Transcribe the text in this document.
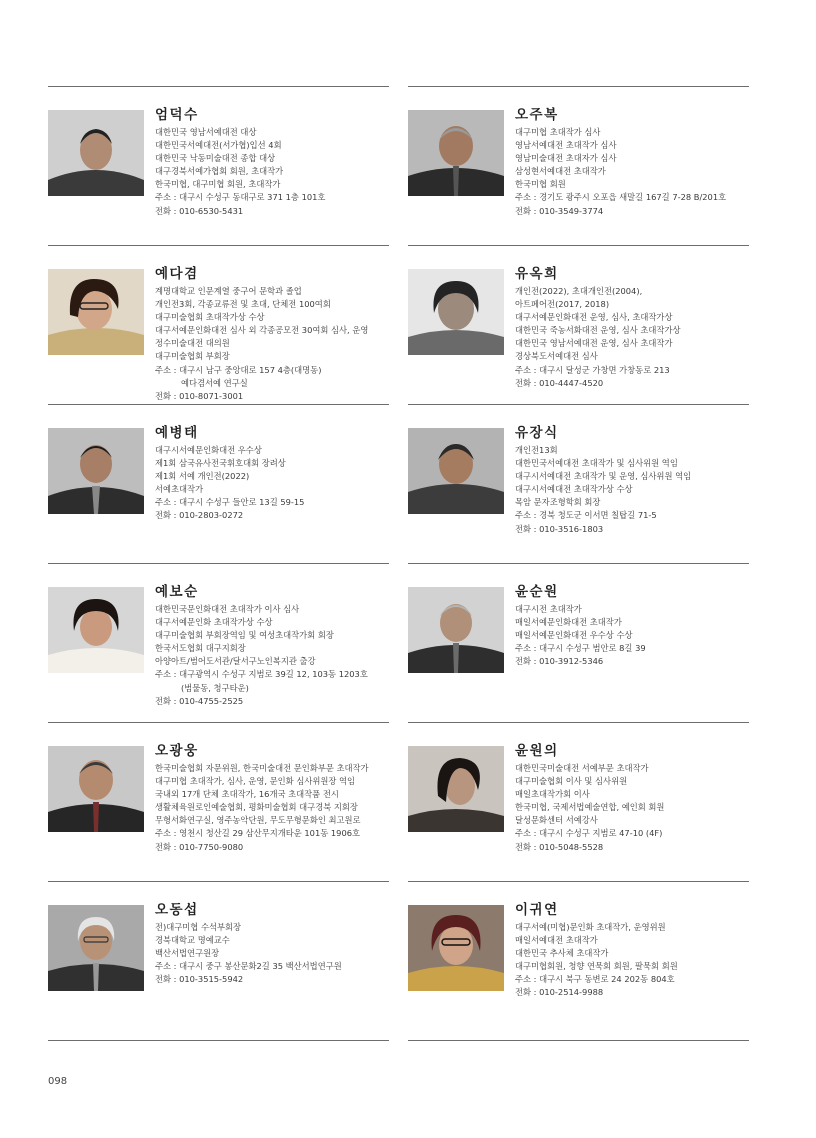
엄덕수
대한민국 영남서예대전 대상
대한민국서예대전(서가협)입선 4회
대한민국 낙동미술대전 종합 대상
대구경북서예가협회 회원, 초대작가
한국미협, 대구미협 회원, 초대작가
주소 : 대구시 수성구 동대구로 371 1층 101호
전화 : 010-6530-5431
예다겸
계명대학교 인문계열 중구어 문학과 졸업
개인전3회, 각종교류전 및 초대, 단체전 100여회
대구미술협회 초대작가상 수상
대구서예문인화대전 심사 외 각종공모전 30여회 심사, 운영
정수미술대전 대의원
대구미술협회 부회장
주소 : 대구시 남구 중앙대로 157 4층(대명동)
예다겸서예 연구실
전화 : 010-8071-3001
예병태
대구시서예문인화대전 우수상
제1회 삼국유사전국휘호대회 장려상
제1회 서예 개인전(2022)
서예초대작가
주소 : 대구시 수성구 들안로 13길 59-15
전화 : 010-2803-0272
예보순
대한민국문인화대전 초대작가 이사 심사
대구서예문인화 초대작가상 수상
대구미술협회 부회장역임 및 여성초대작가회 회장
한국서도협회 대구지회장
아양아트/범어도서관/달서구노인복지관 출강
주소 : 대구광역시 수성구 지범로 39길 12, 103동 1203호
(범물동, 청구타운)
전화 : 010-4755-2525
오광웅
한국미술협회 자문위원, 한국미술대전 문인화부문 초대작가
대구미협 초대작가, 심사, 운영, 문인화 심사위원장 역임
국내외 17개 단체 초대작가, 16개국 초대작품 전시
생활체육원로인예술협회, 평화미술협회 대구경북 지회장
무형서화연구실, 영주농악단원, 무도무형문화인 최고원로
주소 : 영천시 청산길 29 삼산무지개타운 101동 1906호
전화 : 010-7750-9080
오동섭
전)대구미협 수석부회장
경북대학교 명예교수
백산서법연구원장
주소 : 대구시 중구 봉산문화2길 35 백산서법연구원
전화 : 010-3515-5942
오주복
대구미협 초대작가 심사
영남서예대전 초대작가 심사
영남미술대전 초대자가 심사
삼성현서예대전 초대작가
한국미협 회원
주소 : 경기도 광주시 오포읍 새말길 167길 7-28 B/201호
전화 : 010-3549-3774
유옥희
개인전(2022), 초대개인전(2004),
아트페어전(2017, 2018)
대구서예문인화대전 운영, 심사, 초대작가상
대한민국 죽농서화대전 운영, 심사 초대작가상
대한민국 영남서예대전 운영, 심사 초대작가
경상북도서예대전 심사
주소 : 대구시 달성군 가창면 가창동로 213
전화 : 010-4447-4520
유장식
개인전13회
대한민국서예대전 초대작가 및 심사위원 역임
대구시서예대전 초대작가 및 운영, 심사위원 역임
대구시서예대전 초대작가상 수상
목암 문자조형학회 회장
주소 : 경북 청도군 이서면 칠탑길 71-5
전화 : 010-3516-1803
윤순원
대구시전 초대작가
매일서예문인화대전 초대작가
매일서예문인화대전 우수상 수상
주소 : 대구시 수성구 범안로 8길 39
전화 : 010-3912-5346
윤원의
대한민국미술대전 서예부문 초대작가
대구미술협회 이사 및 심사위원
매일초대작가회 이사
한국미협, 국제서법예술연합, 예인회 회원
달성문화센터 서예강사
주소 : 대구시 수성구 지범로 47-10 (4F)
전화 : 010-5048-5528
이귀연
대구서예(미협)문인화 초대작가, 운영위원
매일서예대전 초대작가
대한민국 추사체 초대작가
대구미협회원, 청향 연묵회 회원, 팔묵회 회원
주소 : 대구시 북구 동변로 24 202동 804호
전화 : 010-2514-9988
098
